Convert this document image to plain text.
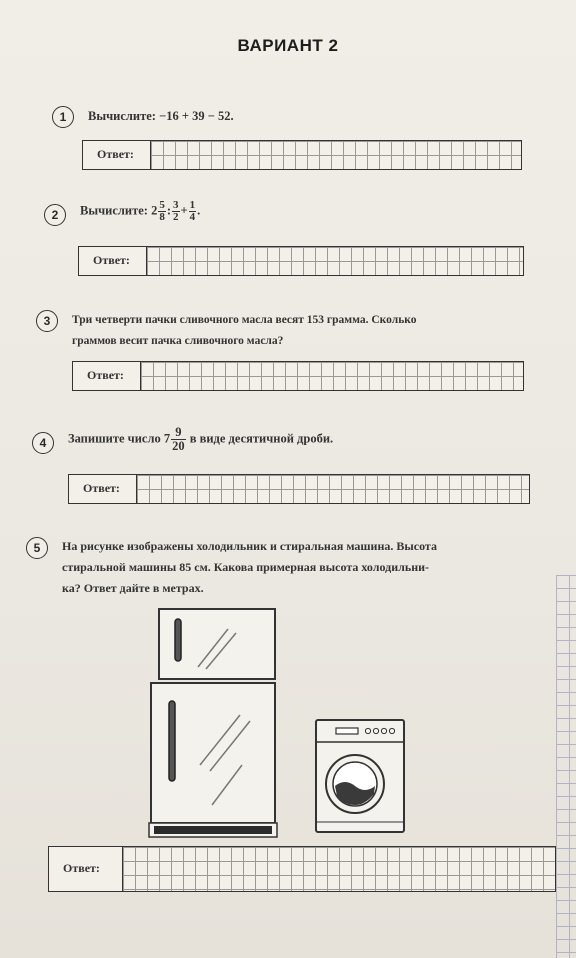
ВАРИАНТ 2
1	Вычислите: −16 + 39 − 52.
Ответ:
2	Вычислите: $2 \frac{5}{8}$ : $\frac{3}{2} + \frac{1}{4}$ .
Ответ:
3	Три четверти пачки сливочного масла весят 153 грамма. Сколько
граммов весит пачка сливочного масла?
Ответ:
4	Запишите число $7 \frac{9}{20}$ в виде десятичной дроби.
Ответ:
5	На рисунке изображены холодильник и стиральная машина. Высота
стиральной машины 85 см. Какова примерная высота холодильни-
ка? Ответ дайте в метрах.
Ответ:
